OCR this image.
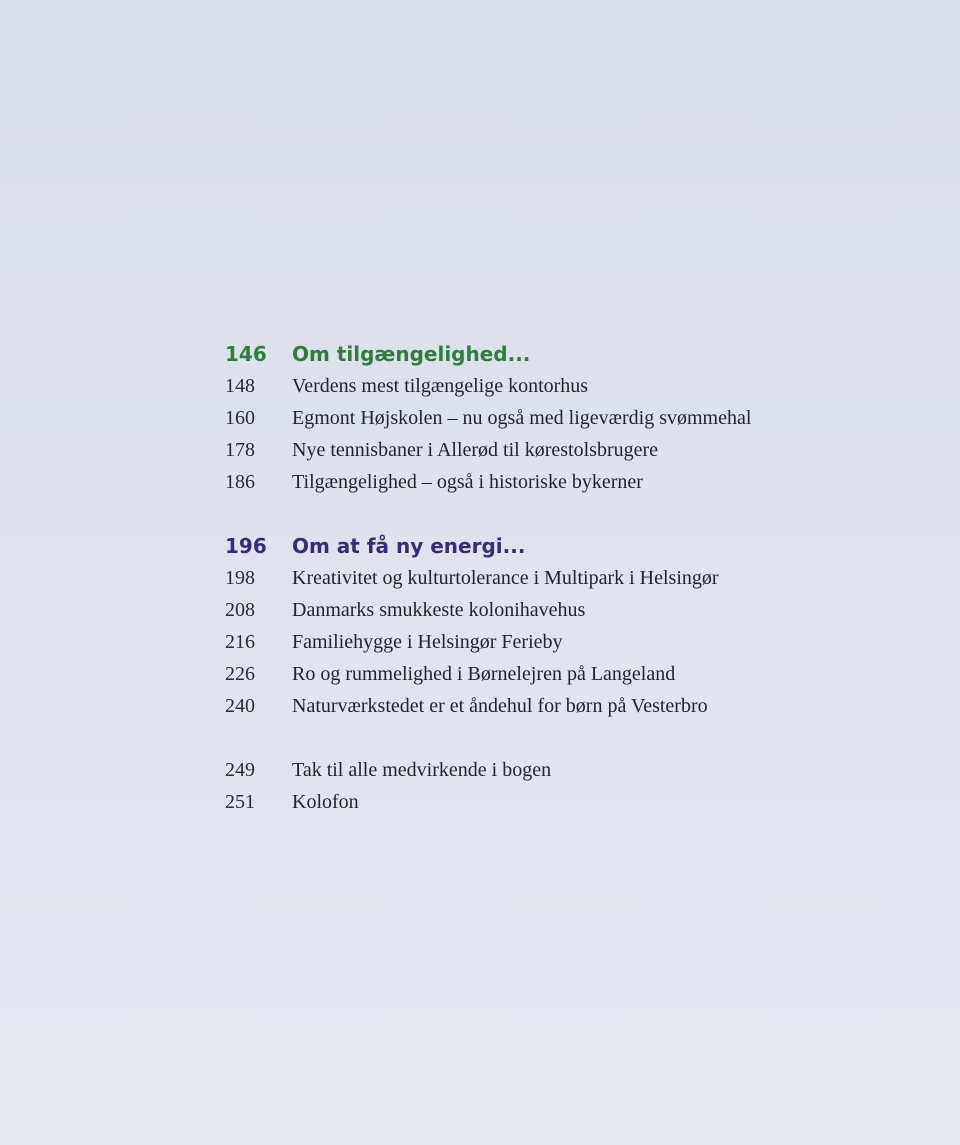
146	Om tilgængelighed...
148	Verdens mest tilgængelige kontorhus
160	Egmont Højskolen – nu også med ligeværdig svømmehal
178	Nye tennisbaner i Allerød til kørestolsbrugere
186	Tilgængelighed – også i historiske bykerner
196	Om at få ny energi...
198	Kreativitet og kulturtolerance i Multipark i Helsingør
208	Danmarks smukkeste kolonihavehus
216	Familiehygge i Helsingør Ferieby
226	Ro og rummelighed i Børnelejren på Langeland
240	Naturværkstedet er et åndehul for børn på Vesterbro
249	Tak til alle medvirkende i bogen
251	Kolofon
